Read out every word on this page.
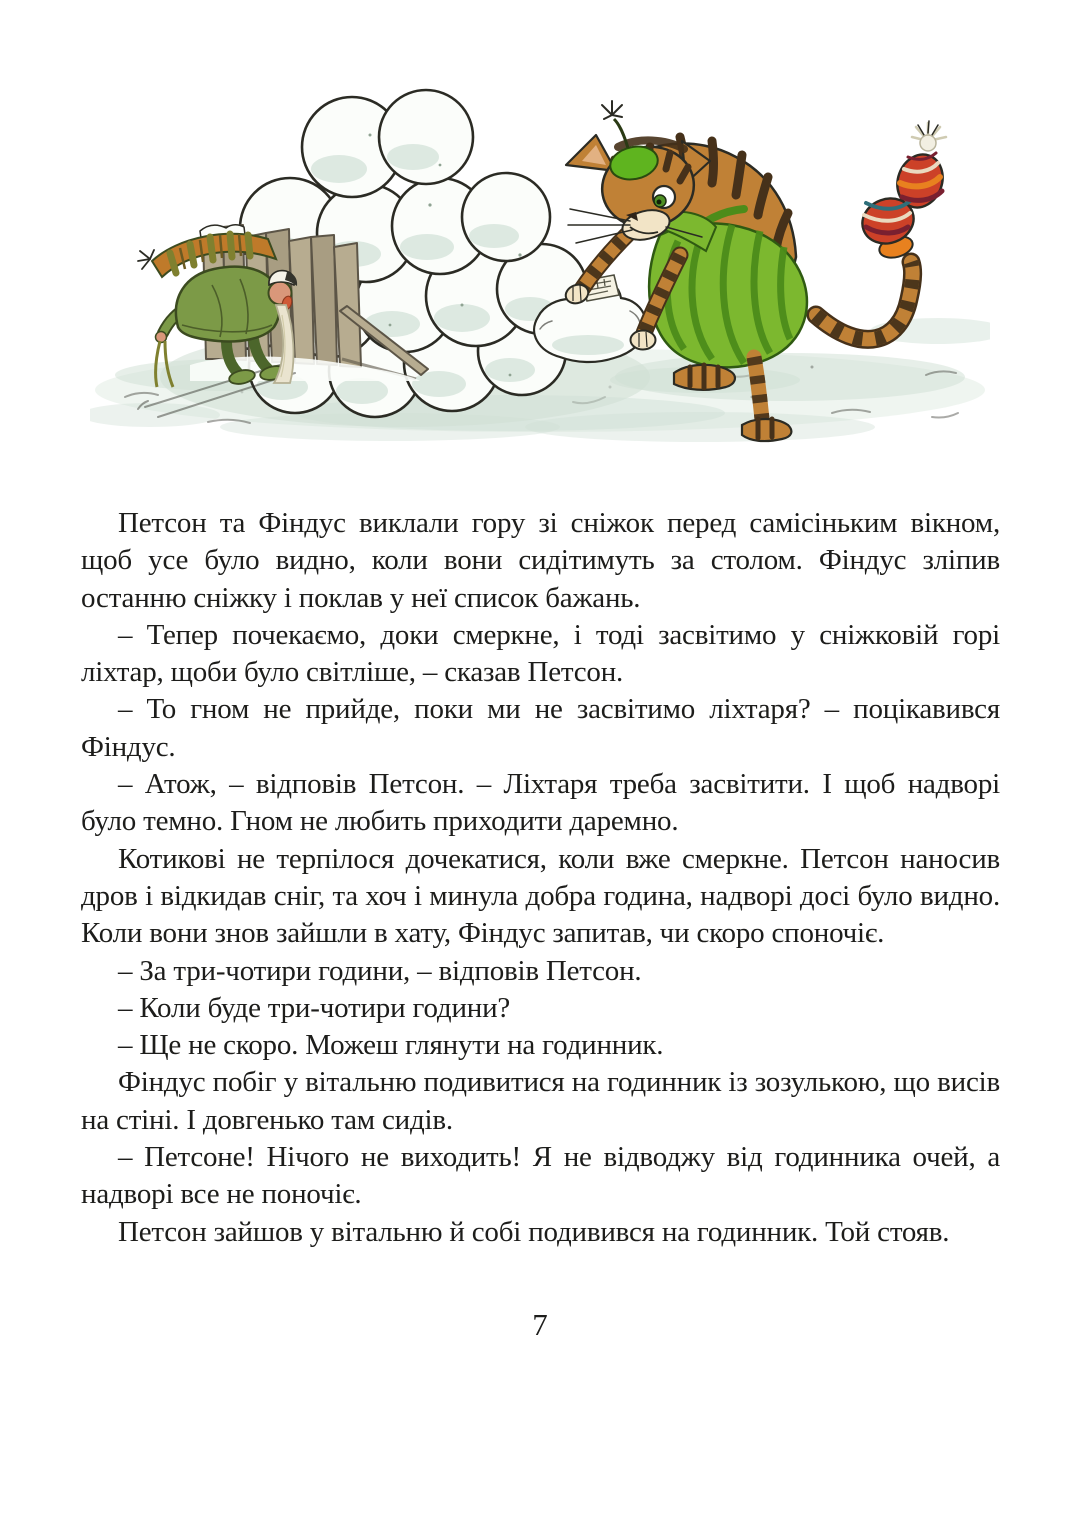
Петсон та Фіндус виклали гору зі сніжок перед самісіньким вікном, щоб усе було видно, коли вони сидітимуть за столом. Фіндус зліпив останню сніжку і поклав у неї список бажань.

– Тепер почекаємо, доки смеркне, і тоді засвітимо у сніжковій горі ліхтар, щоби було світліше, – сказав Петсон.

– То гном не прийде, поки ми не засвітимо ліхтаря? – поцікавився Фіндус.

– Атож, – відповів Петсон. – Ліхтаря треба засвітити. І щоб надворі було темно. Гном не любить приходити даремно.

Котикові не терпілося дочекатися, коли вже смеркне. Петсон наносив дров і відкидав сніг, та хоч і минула добра година, надворі досі було видно. Коли вони знов зайшли в хату, Фіндус запитав, чи скоро споночіє.

– За три-чотири години, – відповів Петсон.

– Коли буде три-чотири години?

– Ще не скоро. Можеш глянути на годинник.

Фіндус побіг у вітальню подивитися на годинник із зозулькою, що висів на стіні. І довгенько там сидів.

– Петсоне! Нічого не виходить! Я не відводжу від годинника очей, а надворі все не поночіє.

Петсон зайшов у вітальню й собі подивився на годинник. Той стояв.

7
